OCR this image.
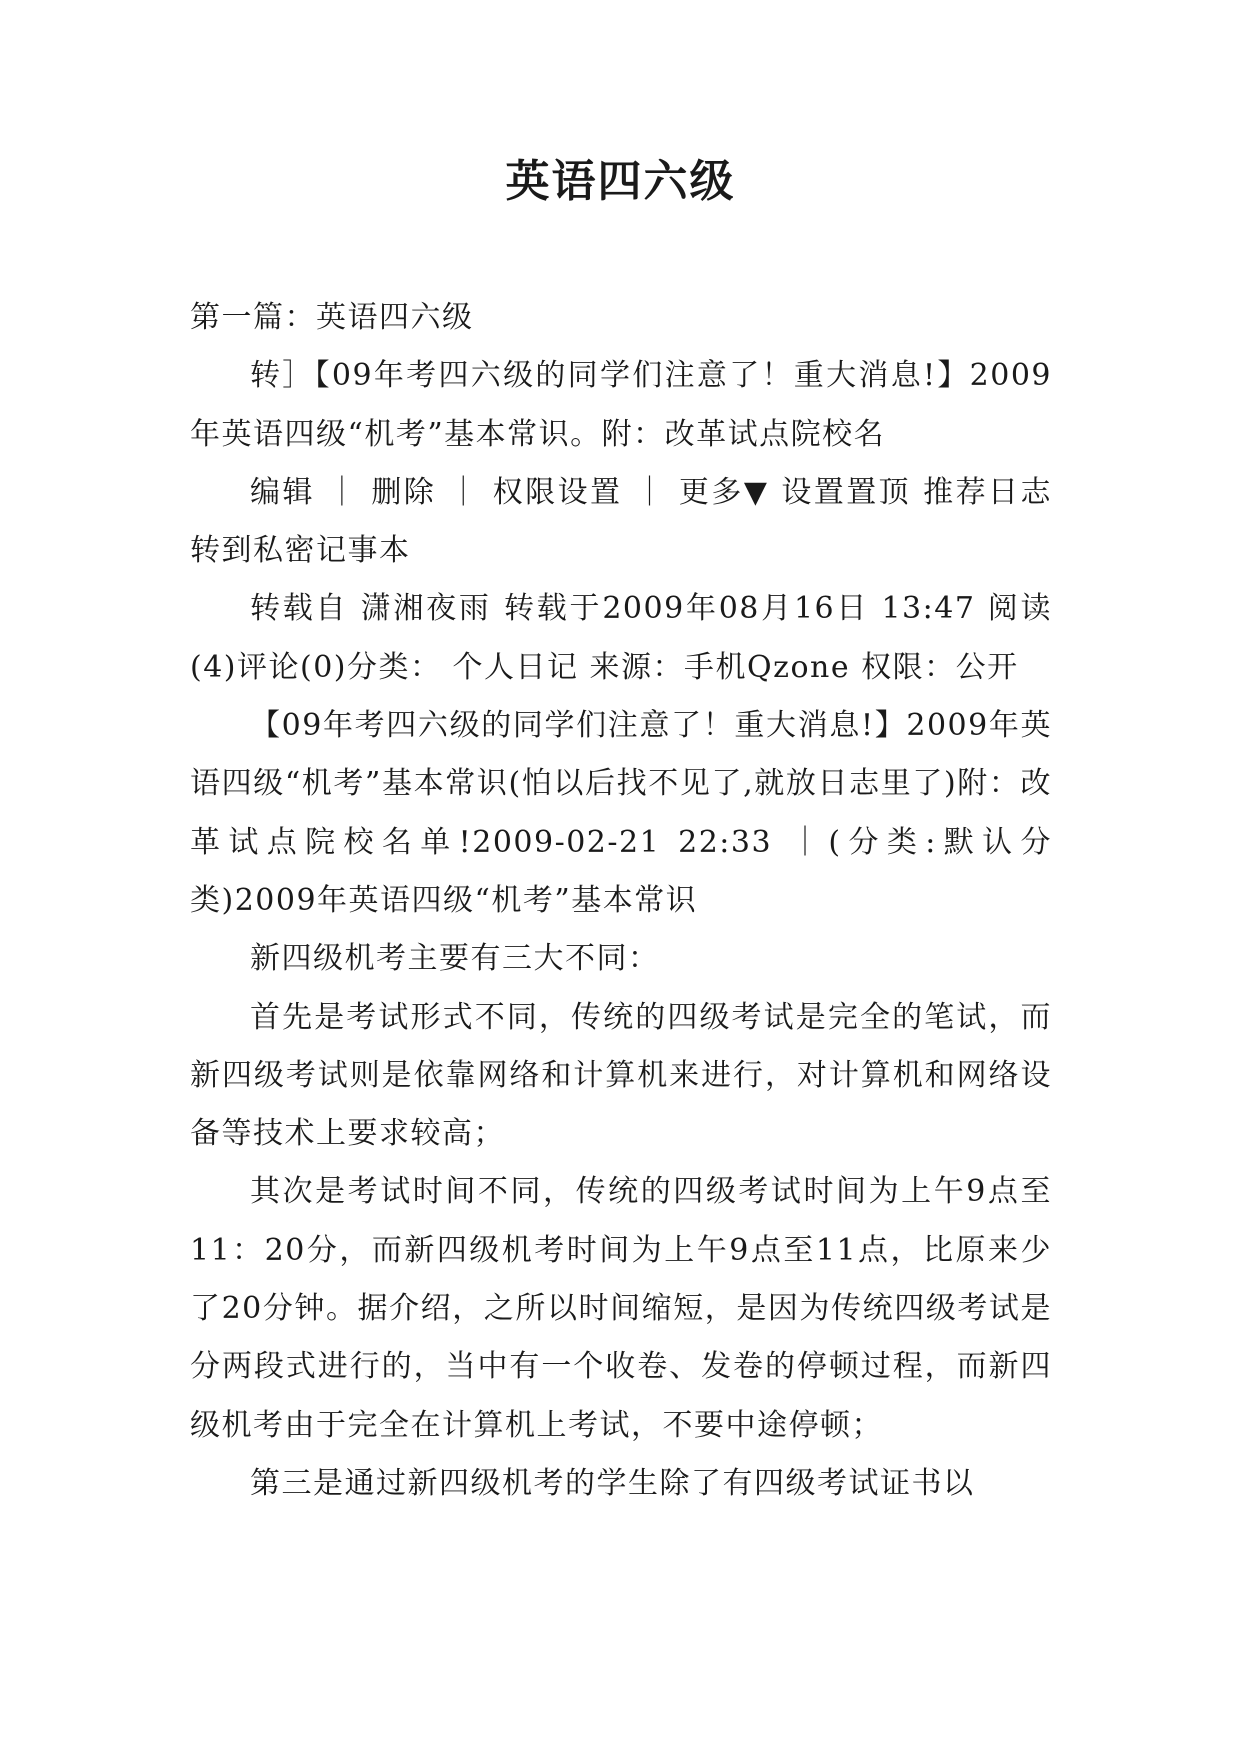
英语四六级

第一篇：英语四六级

转］【09年考四六级的同学们注意了！重大消息!】2009年英语四级“机考”基本常识。附：改革试点院校名

编辑 ｜ 删除 ｜ 权限设置 ｜ 更多▼ 设置置顶 推荐日志 转到私密记事本

转载自 潇湘夜雨 转载于2009年08月16日 13:47 阅读(4)评论(0)分类： 个人日记 来源：手机Qzone 权限：公开

【09年考四六级的同学们注意了！重大消息!】2009年英语四级“机考”基本常识(怕以后找不见了,就放日志里了)附：改革试点院校名单!2009-02-21 22:33 ｜(分类:默认分类)2009年英语四级“机考”基本常识

新四级机考主要有三大不同：

首先是考试形式不同，传统的四级考试是完全的笔试，而新四级考试则是依靠网络和计算机来进行，对计算机和网络设备等技术上要求较高；

其次是考试时间不同，传统的四级考试时间为上午9点至11：20分，而新四级机考时间为上午9点至11点，比原来少了20分钟。据介绍，之所以时间缩短，是因为传统四级考试是分两段式进行的，当中有一个收卷、发卷的停顿过程，而新四级机考由于完全在计算机上考试，不要中途停顿；

第三是通过新四级机考的学生除了有四级考试证书以
